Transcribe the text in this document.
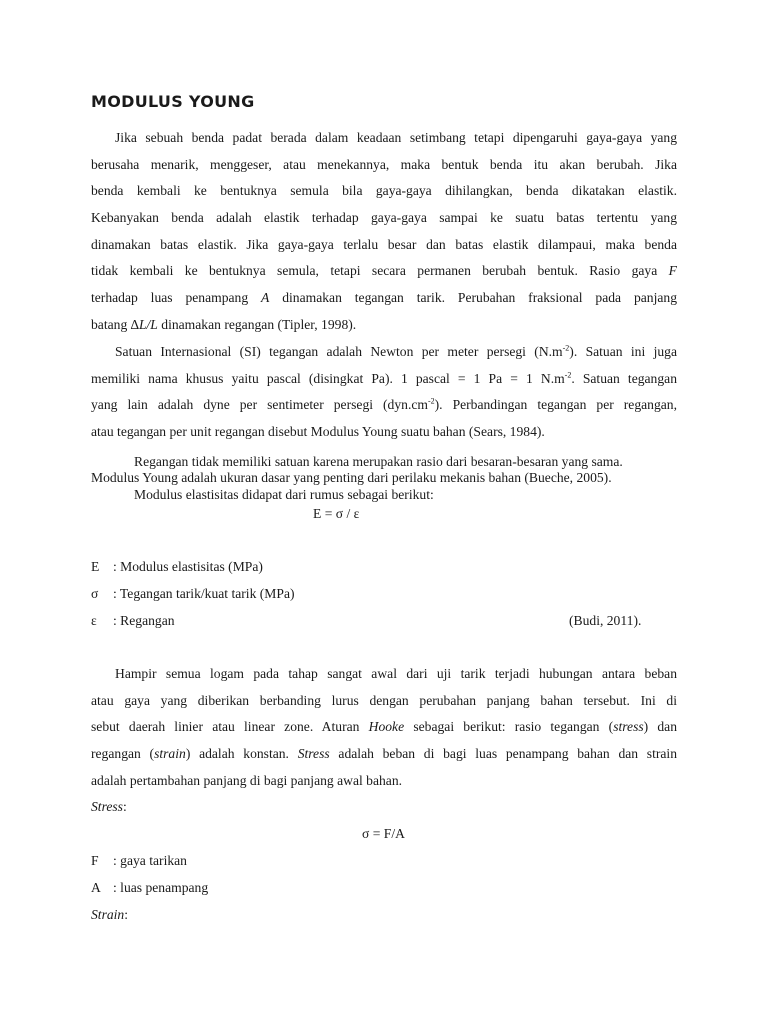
MODULUS YOUNG
Jika sebuah benda padat berada dalam keadaan setimbang tetapi dipengaruhi gaya-gaya yang
berusaha menarik, menggeser, atau menekannya, maka bentuk benda itu akan berubah. Jika
benda kembali ke bentuknya semula bila gaya-gaya dihilangkan, benda dikatakan elastik.
Kebanyakan benda adalah elastik terhadap gaya-gaya sampai ke suatu batas tertentu yang
dinamakan batas elastik. Jika gaya-gaya terlalu besar dan batas elastik dilampaui, maka benda
tidak kembali ke bentuknya semula, tetapi secara permanen berubah bentuk. Rasio gaya F
terhadap luas penampang A dinamakan tegangan tarik. Perubahan fraksional pada panjang
batang ∆L/L dinamakan regangan (Tipler, 1998).
Satuan Internasional (SI) tegangan adalah Newton per meter persegi $(N.m^{-2})$. Satuan ini juga
memiliki nama khusus yaitu pascal (disingkat Pa). 1 pascal = 1 Pa = 1 $N.m^{-2}$. Satuan tegangan
yang lain adalah dyne per sentimeter persegi $(dyn.cm^{-2})$. Perbandingan tegangan per regangan,
atau tegangan per unit regangan disebut Modulus Young suatu bahan (Sears, 1984).

Regangan tidak memiliki satuan karena merupakan rasio dari besaran-besaran yang sama.

Modulus Young adalah ukuran dasar yang penting dari perilaku mekanis bahan (Bueche, 2005).

Modulus elastisitas didapat dari rumus sebagai berikut:

E = σ / ε

E : Modulus elastisitas (MPa)

σ : Tegangan tarik/kuat tarik (MPa)

ε : Regangan	(Budi, 2011).

Hampir semua logam pada tahap sangat awal dari uji tarik terjadi hubungan antara beban
atau gaya yang diberikan berbanding lurus dengan perubahan panjang bahan tersebut. Ini di
sebut daerah linier atau linear zone. Aturan Hooke sebagai berikut: rasio tegangan (stress) dan
regangan (strain) adalah konstan. Stress adalah beban di bagi luas penampang bahan dan strain
adalah pertambahan panjang di bagi panjang awal bahan.

Stress:

σ = F/A

F : gaya tarikan

A : luas penampang

Strain:
